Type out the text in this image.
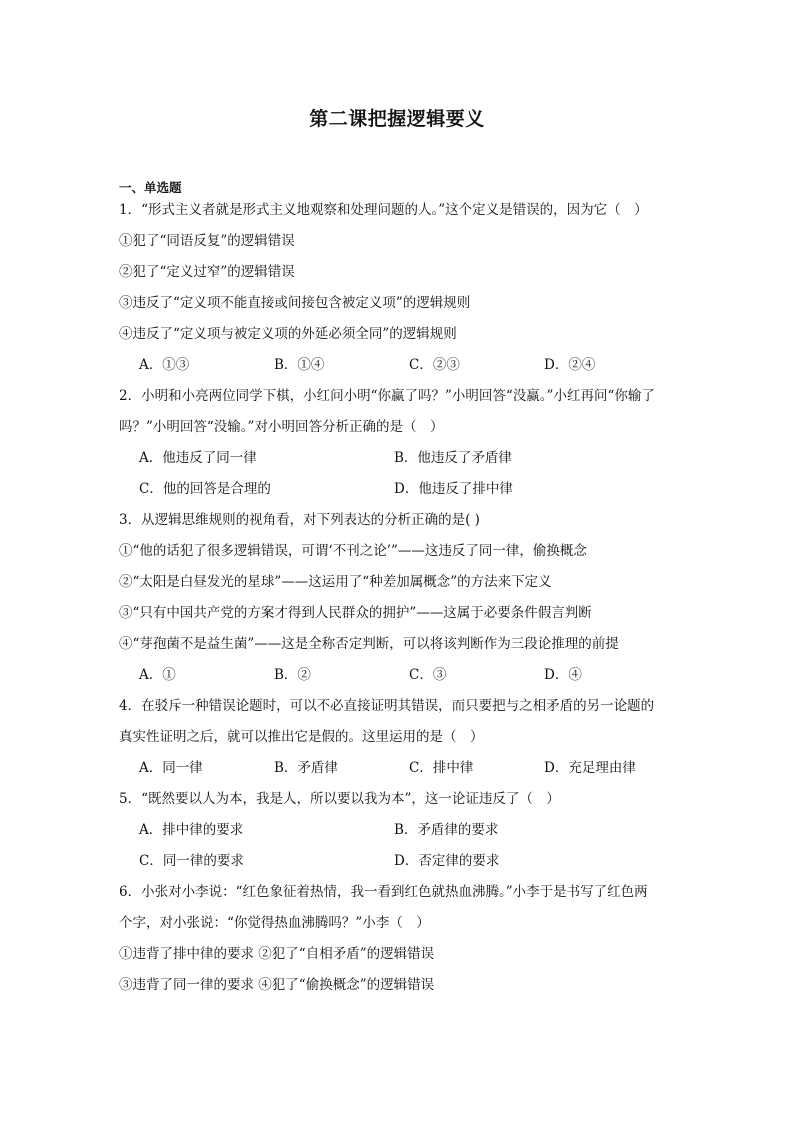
第二课把握逻辑要义
一、单选题
1．“形式主义者就是形式主义地观察和处理问题的人。”这个定义是错误的，因为它（　）
①犯了“同语反复”的逻辑错误
②犯了“定义过窄”的逻辑错误
③违反了“定义项不能直接或间接包含被定义项”的逻辑规则
④违反了“定义项与被定义项的外延必须全同”的逻辑规则
A．①③	B．①④	C．②③	D．②④
2．小明和小亮两位同学下棋，小红问小明“你赢了吗？”小明回答“没赢。”小红再问“你输了
吗？”小明回答“没输。”对小明回答分析正确的是（　）
A．他违反了同一律	B．他违反了矛盾律
C．他的回答是合理的	D．他违反了排中律
3．从逻辑思维规则的视角看，对下列表达的分析正确的是( )
①“他的话犯了很多逻辑错误，可谓‘不刊之论’”——这违反了同一律，偷换概念
②“太阳是白昼发光的星球”——这运用了“种差加属概念”的方法来下定义
③“只有中国共产党的方案才得到人民群众的拥护”——这属于必要条件假言判断
④“芽孢菌不是益生菌”——这是全称否定判断，可以将该判断作为三段论推理的前提
A．①	B．②	C．③	D．④
4．在驳斥一种错误论题时，可以不必直接证明其错误，而只要把与之相矛盾的另一论题的
真实性证明之后，就可以推出它是假的。这里运用的是（　）
A．同一律	B．矛盾律	C．排中律	D．充足理由律
5．“既然要以人为本，我是人，所以要以我为本”，这一论证违反了（　）
A．排中律的要求	B．矛盾律的要求
C．同一律的要求	D．否定律的要求
6．小张对小李说：“红色象征着热情，我一看到红色就热血沸腾。”小李于是书写了红色两
个字，对小张说：“你觉得热血沸腾吗？”小李（　）
①违背了排中律的要求 ②犯了“自相矛盾”的逻辑错误
③违背了同一律的要求 ④犯了“偷换概念”的逻辑错误
